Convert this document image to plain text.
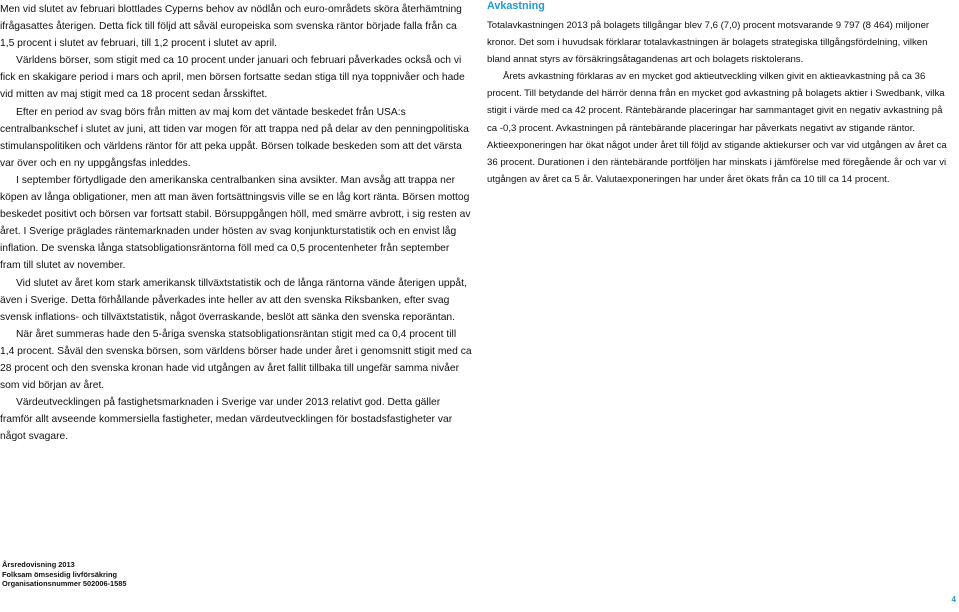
Men vid slutet av februari blottlades Cyperns behov av nödlån och euro-områdets sköra återhämtning ifrågasattes återigen. Detta fick till följd att såväl europeiska som svenska räntor började falla från ca 1,5 procent i slutet av februari, till 1,2 procent i slutet av april.

Världens börser, som stigit med ca 10 procent under januari och februari påverkades också och vi fick en skakigare period i mars och april, men börsen fortsatte sedan stiga till nya toppnivåer och hade vid mitten av maj stigit med ca 18 procent sedan årsskiftet.

Efter en period av svag börs från mitten av maj kom det väntade beskedet från USA:s centralbankschef i slutet av juni, att tiden var mogen för att trappa ned på delar av den penningpolitiska stimulanspolitiken och världens räntor för att peka uppåt. Börsen tolkade beskeden som att det värsta var över och en ny uppgångsfas inleddes.

I september förtydligade den amerikanska centralbanken sina avsikter. Man avsåg att trappa ner köpen av långa obligationer, men att man även fortsättningsvis ville se en låg kort ränta. Börsen mottog beskedet positivt och börsen var fortsatt stabil. Börsuppgången höll, med smärre avbrott, i sig resten av året. I Sverige präglades räntemarknaden under hösten av svag konjunkturstatistik och en envist låg inflation. De svenska långa statsobligationsräntorna föll med ca 0,5 procentenheter från september fram till slutet av november.

Vid slutet av året kom stark amerikansk tillväxtstatistik och de långa räntorna vände återigen uppåt, även i Sverige. Detta förhållande påverkades inte heller av att den svenska Riksbanken, efter svag svensk inflations- och tillväxtstatistik, något överraskande, beslöt att sänka den svenska reporäntan.

När året summeras hade den 5-åriga svenska statsobligationsräntan stigit med ca 0,4 procent till 1,4 procent. Såväl den svenska börsen, som världens börser hade under året i genomsnitt stigit med ca 28 procent och den svenska kronan hade vid utgången av året fallit tillbaka till ungefär samma nivåer som vid början av året.

Värdeutvecklingen på fastighetsmarknaden i Sverige var under 2013 relativt god. Detta gäller framför allt avseende kommersiella fastigheter, medan värdeutvecklingen för bostadsfastigheter var något svagare.

Avkastning

Totalavkastningen 2013 på bolagets tillgångar blev 7,6 (7,0) procent motsvarande 9 797 (8 464) miljoner kronor. Det som i huvudsak förklarar totalavkastningen är bolagets strategiska tillgångsfördelning, vilken bland annat styrs av försäkringsåtagandenas art och bolagets risktolerans.

Årets avkastning förklaras av en mycket god aktieutveckling vilken givit en aktieavkastning på ca 36 procent. Till betydande del härrör denna från en mycket god avkastning på bolagets aktier i Swedbank, vilka stigit i värde med ca 42 procent. Räntebärande placeringar har sammantaget givit en negativ avkastning på ca -0,3 procent. Avkastningen på räntebärande placeringar har påverkats negativt av stigande räntor. Aktieexponeringen har ökat något under året till följd av stigande aktiekurser och var vid utgången av året ca 36 procent. Durationen i den räntebärande portföljen har minskats i jämförelse med föregående år och var vi utgången av året ca 5 år. Valutaexponeringen har under året ökats från ca 10 till ca 14 procent.

Årsredovisning 2013
Folksam ömsesidig livförsäkring
Organisationsnummer 502006-1585
4
